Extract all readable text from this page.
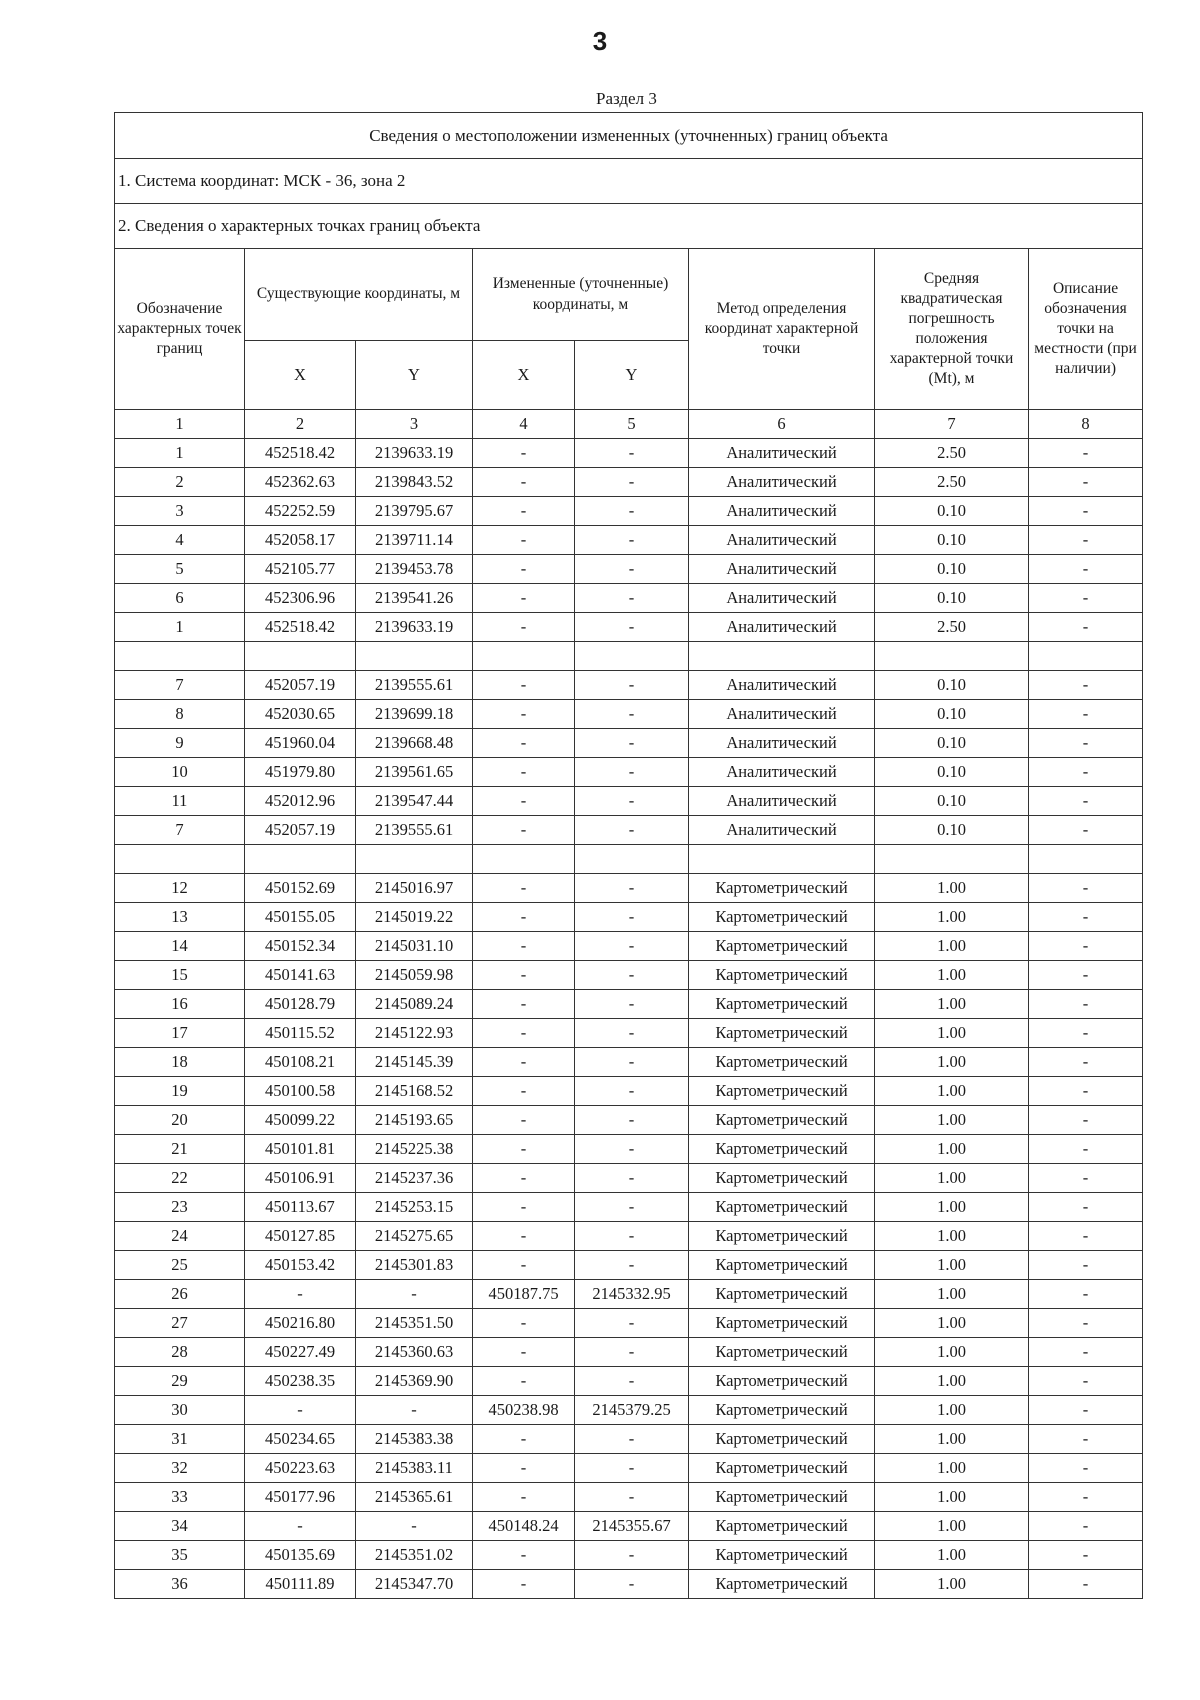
3
Раздел 3
Сведения о местоположении измененных (уточненных) границ объекта							
1. Система координат: МСК - 36, зона 2							
2. Сведения о характерных точках границ объекта							
Обозначение характерных точек границ	Существующие координаты, м		Измененные (уточненные) координаты, м		Метод определения координат характерной точки	Средняя квадратическая погрешность положения характерной точки (Mt), м	Описание обозначения точки на местности (при наличии)
	X	Y	X	Y			
1	2	3	4	5	6	7	8
1	452518.42	2139633.19	-	-	Аналитический	2.50	-
2	452362.63	2139843.52	-	-	Аналитический	2.50	-
3	452252.59	2139795.67	-	-	Аналитический	0.10	-
4	452058.17	2139711.14	-	-	Аналитический	0.10	-
5	452105.77	2139453.78	-	-	Аналитический	0.10	-
6	452306.96	2139541.26	-	-	Аналитический	0.10	-
1	452518.42	2139633.19	-	-	Аналитический	2.50	-

7	452057.19	2139555.61	-	-	Аналитический	0.10	-
8	452030.65	2139699.18	-	-	Аналитический	0.10	-
9	451960.04	2139668.48	-	-	Аналитический	0.10	-
10	451979.80	2139561.65	-	-	Аналитический	0.10	-
11	452012.96	2139547.44	-	-	Аналитический	0.10	-
7	452057.19	2139555.61	-	-	Аналитический	0.10	-

12	450152.69	2145016.97	-	-	Картометрический	1.00	-
13	450155.05	2145019.22	-	-	Картометрический	1.00	-
14	450152.34	2145031.10	-	-	Картометрический	1.00	-
15	450141.63	2145059.98	-	-	Картометрический	1.00	-
16	450128.79	2145089.24	-	-	Картометрический	1.00	-
17	450115.52	2145122.93	-	-	Картометрический	1.00	-
18	450108.21	2145145.39	-	-	Картометрический	1.00	-
19	450100.58	2145168.52	-	-	Картометрический	1.00	-
20	450099.22	2145193.65	-	-	Картометрический	1.00	-
21	450101.81	2145225.38	-	-	Картометрический	1.00	-
22	450106.91	2145237.36	-	-	Картометрический	1.00	-
23	450113.67	2145253.15	-	-	Картометрический	1.00	-
24	450127.85	2145275.65	-	-	Картометрический	1.00	-
25	450153.42	2145301.83	-	-	Картометрический	1.00	-
26	-	-	450187.75	2145332.95	Картометрический	1.00	-
27	450216.80	2145351.50	-	-	Картометрический	1.00	-
28	450227.49	2145360.63	-	-	Картометрический	1.00	-
29	450238.35	2145369.90	-	-	Картометрический	1.00	-
30	-	-	450238.98	2145379.25	Картометрический	1.00	-
31	450234.65	2145383.38	-	-	Картометрический	1.00	-
32	450223.63	2145383.11	-	-	Картометрический	1.00	-
33	450177.96	2145365.61	-	-	Картометрический	1.00	-
34	-	-	450148.24	2145355.67	Картометрический	1.00	-
35	450135.69	2145351.02	-	-	Картометрический	1.00	-
36	450111.89	2145347.70	-	-	Картометрический	1.00	-
